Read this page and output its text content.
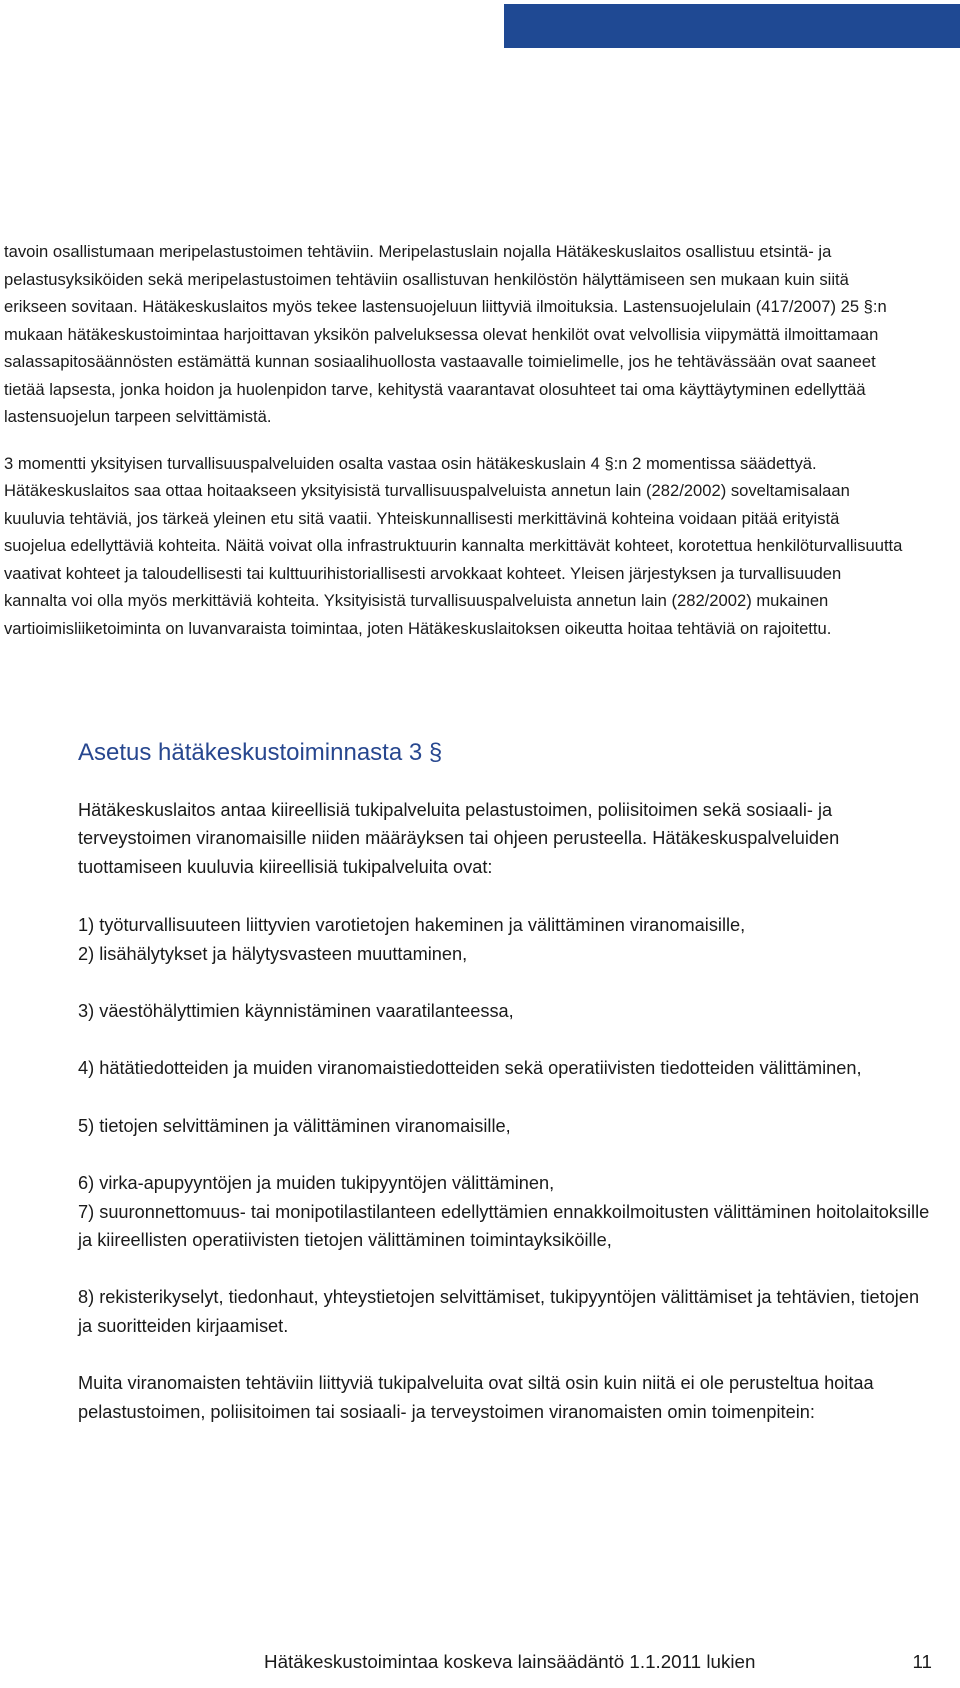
tavoin osallistumaan meripelastustoimen tehtäviin. Meripelastuslain nojalla Hätäkeskuslaitos osallistuu etsintä- ja pelastusyksiköiden sekä meripelastustoimen tehtäviin osallistuvan henkilöstön hälyttämiseen sen mukaan kuin siitä erikseen sovitaan. Hätäkeskuslaitos myös tekee lastensuojeluun liittyviä ilmoituksia. Lastensuojelulain (417/2007) 25 §:n mukaan hätäkeskustoimintaa harjoittavan yksikön palveluksessa olevat henkilöt ovat velvollisia viipymättä ilmoittamaan salassapitosäännösten estämättä kunnan sosiaalihuollosta vastaavalle toimielimelle, jos he tehtävässään ovat saaneet tietää lapsesta, jonka hoidon ja huolenpidon tarve, kehitystä vaarantavat olosuhteet tai oma käyttäytyminen edellyttää lastensuojelun tarpeen selvittämistä.

3 momentti yksityisen turvallisuuspalveluiden osalta vastaa osin hätäkeskuslain 4 §:n 2 momentissa säädettyä. Hätäkeskuslaitos saa ottaa hoitaakseen yksityisistä turvallisuuspalveluista annetun lain (282/2002) soveltamisalaan kuuluvia tehtäviä, jos tärkeä yleinen etu sitä vaatii. Yhteiskunnallisesti merkittävinä kohteina voidaan pitää erityistä suojelua edellyttäviä kohteita. Näitä voivat olla infrastruktuurin kannalta merkittävät kohteet, korotettua henkilöturvallisuutta vaativat kohteet ja taloudellisesti tai kulttuurihistoriallisesti arvokkaat kohteet. Yleisen järjestyksen ja turvallisuuden kannalta voi olla myös merkittäviä kohteita. Yksityisistä turvallisuuspalveluista annetun lain (282/2002) mukainen vartioimisliiketoiminta on luvanvaraista toimintaa, joten Hätäkeskuslaitoksen oikeutta hoitaa tehtäviä on rajoitettu.

Asetus hätäkeskustoiminnasta 3 §

Hätäkeskuslaitos antaa kiireellisiä tukipalveluita pelastustoimen, poliisitoimen sekä sosiaali- ja terveystoimen viranomaisille niiden määräyksen tai ohjeen perusteella. Hätäkeskuspalveluiden tuottamiseen kuuluvia kiireellisiä tukipalveluita ovat:

1) työturvallisuuteen liittyvien varotietojen hakeminen ja välittäminen viranomaisille,

2) lisähälytykset ja hälytysvasteen muuttaminen,

3) väestöhälyttimien käynnistäminen vaaratilanteessa,

4) hätätiedotteiden ja muiden viranomaistiedotteiden sekä operatiivisten tiedotteiden välittäminen,

5) tietojen selvittäminen ja välittäminen viranomaisille,

6) virka-apupyyntöjen ja muiden tukipyyntöjen välittäminen,

7) suuronnettomuus- tai monipotilastilanteen edellyttämien ennakkoilmoitusten välittäminen hoitolaitoksille ja kiireellisten operatiivisten tietojen välittäminen toimintayksiköille,

8) rekisterikyselyt, tiedonhaut, yhteystietojen selvittämiset, tukipyyntöjen välittämiset ja tehtävien, tietojen ja suoritteiden kirjaamiset.

Muita viranomaisten tehtäviin liittyviä tukipalveluita ovat siltä osin kuin niitä ei ole perusteltua hoitaa pelastustoimen, poliisitoimen tai sosiaali- ja terveystoimen viranomaisten omin toimenpitein:

Hätäkeskustoimintaa koskeva lainsäädäntö 1.1.2011 lukien	11
